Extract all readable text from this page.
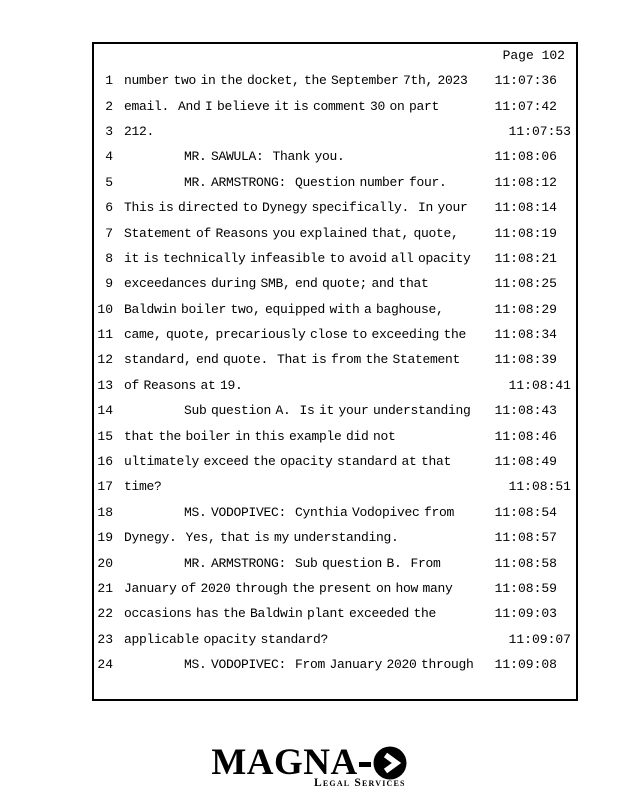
Page 102
1 number two in the docket, the September 7th, 2023	11:07:36
2 email.  And I believe it is comment 30 on part	11:07:42
3 212.	11:07:53
4	MR. SAWULA:  Thank you.	11:08:06
5	MR. ARMSTRONG:  Question number four.	11:08:12
6 This is directed to Dynegy specifically.  In your	11:08:14
7 Statement of Reasons you explained that, quote,	11:08:19
8 it is technically infeasible to avoid all opacity	11:08:21
9 exceedances during SMB, end quote; and that	11:08:25
10 Baldwin boiler two, equipped with a baghouse,	11:08:29
11 came, quote, precariously close to exceeding the	11:08:34
12 standard, end quote.  That is from the Statement	11:08:39
13 of Reasons at 19.	11:08:41
14	Sub question A.  Is it your understanding	11:08:43
15 that the boiler in this example did not	11:08:46
16 ultimately exceed the opacity standard at that	11:08:49
17 time?	11:08:51
18	MS. VODOPIVEC:  Cynthia Vodopivec from	11:08:54
19 Dynegy.  Yes, that is my understanding.	11:08:57
20	MR. ARMSTRONG:  Sub question B.  From	11:08:58
21 January of 2020 through the present on how many	11:08:59
22 occasions has the Baldwin plant exceeded the	11:09:03
23 applicable opacity standard?	11:09:07
24	MS. VODOPIVEC:  From January 2020 through	11:09:08
MAGNA
Legal Services
